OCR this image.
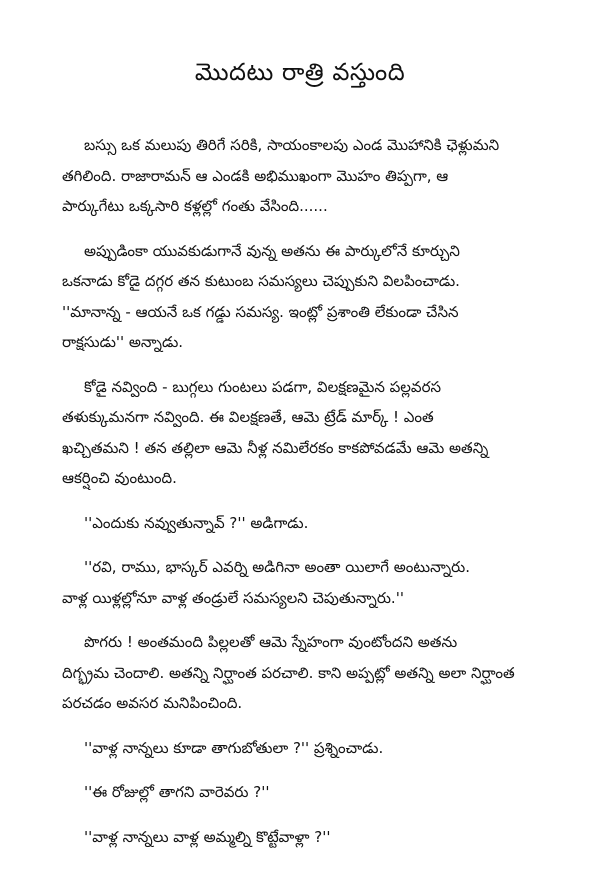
మొదటు రాత్రి వస్తుంది

బస్సు ఒక మలుపు తిరిగే సరికి, సాయంకాలపు ఎండ మొహానికి ఛెళ్లుమని
తగిలింది. రాజారామన్ ఆ ఎండకి అభిముఖంగా మొహం తిప్పగా, ఆ
పార్కుగేటు ఒక్కసారి కళ్లల్లో గంతు వేసింది......

అప్పుడింకా యువకుడుగానే వున్న అతను ఈ పార్కులోనే కూర్చుని
ఒకనాడు కోడై దగ్గర తన కుటుంబ సమస్యలు చెప్పుకుని విలపించాడు.
''మానాన్న - ఆయనే ఒక గడ్డు సమస్య. ఇంట్లో ప్రశాంతి లేకుండా చేసిన
రాక్షసుడు'' అన్నాడు.

కోడై నవ్వింది - బుగ్గలు గుంటలు పడగా, విలక్షణమైన పల్లవరస
తళుక్కుమనగా నవ్వింది. ఈ విలక్షణతే, ఆమె ట్రేడ్ మార్క్ ! ఎంత
ఖచ్చితమని ! తన తల్లిలా ఆమె నీళ్ల నమిలేరకం కాకపోవడమే ఆమె అతన్ని
ఆకర్షించి వుంటుంది.

''ఎందుకు నవ్వుతున్నావ్ ?'' అడిగాడు.

''రవి, రాము, భాస్కర్ ఎవర్ని అడిగినా అంతా యిలాగే అంటున్నారు.
వాళ్ల యిళ్లల్లోనూ వాళ్ల తండ్రులే సమస్యలని చెపుతున్నారు.''

పొగరు ! అంతమంది పిల్లలతో ఆమె స్నేహంగా వుంటోందని అతను
దిగ్భ్రమ చెందాలి. అతన్ని నిర్ఘాంత పరచాలి. కాని అప్పట్లో అతన్ని అలా నిర్ఘాంత
పరచడం అవసర మనిపించింది.

''వాళ్ల నాన్నలు కూడా తాగుబోతులా ?'' ప్రశ్నించాడు.

''ఈ రోజుల్లో తాగని వారెవరు ?''

''వాళ్ల నాన్నలు వాళ్ల అమ్మల్ని కొట్టేవాళ్లా ?''
